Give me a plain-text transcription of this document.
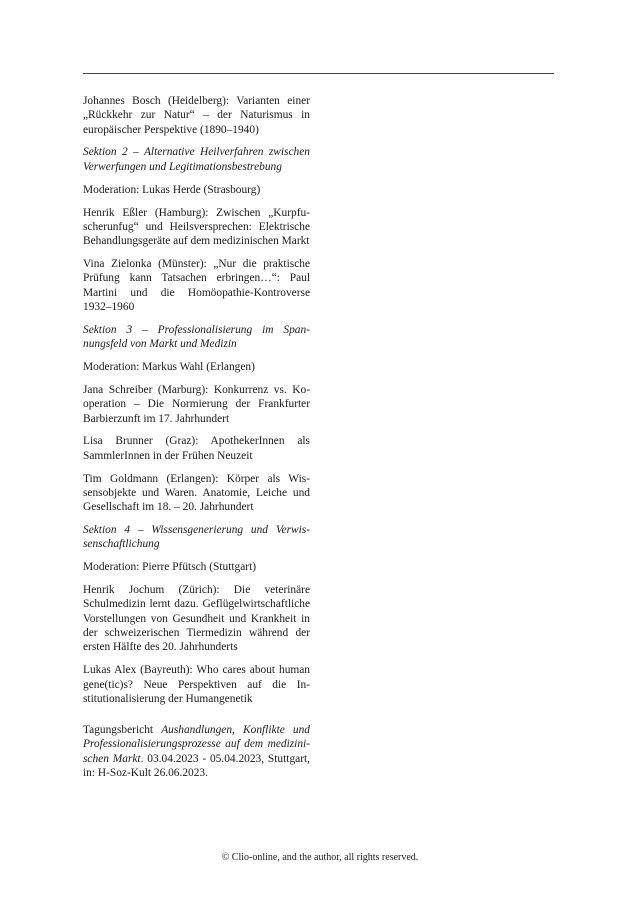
Johannes Bosch (Heidelberg): Varianten einer „Rückkehr zur Natur“ – der Naturismus in europäischer Perspektive (1890–1940)

Sektion 2 – Alternative Heilverfahren zwischen Verwerfungen und Legitimationsbestrebung

Moderation: Lukas Herde (Strasbourg)

Henrik Eßler (Hamburg): Zwischen „Kurpfuscherunfug“ und Heilsversprechen: Elektrische Behandlungsgeräte auf dem medizinischen Markt

Vina Zielonka (Münster): „Nur die praktische Prüfung kann Tatsachen erbringen…“: Paul Martini und die Homöopathie-Kontroverse 1932–1960

Sektion 3 – Professionalisierung im Spannungsfeld von Markt und Medizin

Moderation: Markus Wahl (Erlangen)

Jana Schreiber (Marburg): Konkurrenz vs. Kooperation – Die Normierung der Frankfurter Barbierzunft im 17. Jahrhundert

Lisa Brunner (Graz): ApothekerInnen als SammlerInnen in der Frühen Neuzeit

Tim Goldmann (Erlangen): Körper als Wissensobjekte und Waren. Anatomie, Leiche und Gesellschaft im 18. – 20. Jahrhundert

Sektion 4 – Wissensgenerierung und Verwissenschaftlichung

Moderation: Pierre Pfütsch (Stuttgart)

Henrik Jochum (Zürich): Die veterinäre Schulmedizin lernt dazu. Geflügelwirtschaftliche Vorstellungen von Gesundheit und Krankheit in der schweizerischen Tiermedizin während der ersten Hälfte des 20. Jahrhunderts

Lukas Alex (Bayreuth): Who cares about human gene(tic)s? Neue Perspektiven auf die Institutionalisierung der Humangenetik

Tagungsbericht Aushandlungen, Konflikte und Professionalisierungsprozesse auf dem medizinischen Markt. 03.04.2023 - 05.04.2023, Stuttgart, in: H-Soz-Kult 26.06.2023.

© Clio-online, and the author, all rights reserved.
